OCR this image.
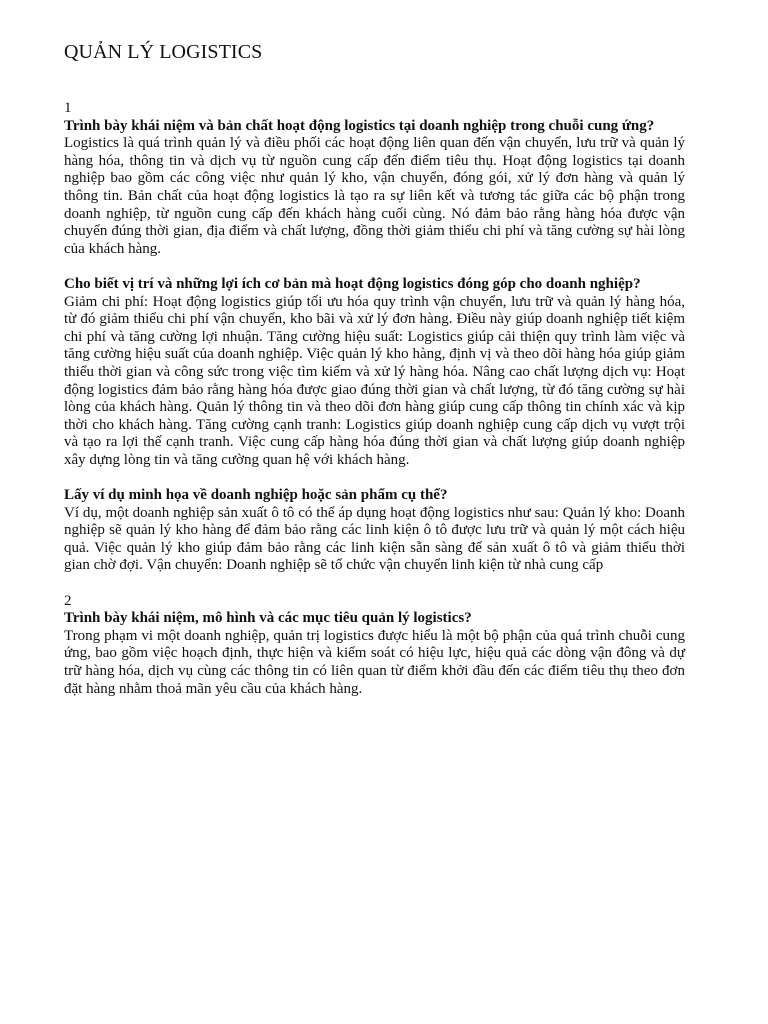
QUẢN LÝ LOGISTICS

1

Trình bày khái niệm và bản chất hoạt động logistics tại doanh nghiệp trong chuỗi cung ứng?

Logistics là quá trình quản lý và điều phối các hoạt động liên quan đến vận chuyển, lưu trữ và quản lý hàng hóa, thông tin và dịch vụ từ nguồn cung cấp đến điểm tiêu thụ. Hoạt động logistics tại doanh nghiệp bao gồm các công việc như quản lý kho, vận chuyển, đóng gói, xử lý đơn hàng và quản lý thông tin. Bản chất của hoạt động logistics là tạo ra sự liên kết và tương tác giữa các bộ phận trong doanh nghiệp, từ nguồn cung cấp đến khách hàng cuối cùng. Nó đảm bảo rằng hàng hóa được vận chuyển đúng thời gian, địa điểm và chất lượng, đồng thời giảm thiểu chi phí và tăng cường sự hài lòng của khách hàng.

Cho biết vị trí và những lợi ích cơ bản mà hoạt động logistics đóng góp cho doanh nghiệp?

Giảm chi phí: Hoạt động logistics giúp tối ưu hóa quy trình vận chuyển, lưu trữ và quản lý hàng hóa, từ đó giảm thiểu chi phí vận chuyển, kho bãi và xử lý đơn hàng. Điều này giúp doanh nghiệp tiết kiệm chi phí và tăng cường lợi nhuận. Tăng cường hiệu suất: Logistics giúp cải thiện quy trình làm việc và tăng cường hiệu suất của doanh nghiệp. Việc quản lý kho hàng, định vị và theo dõi hàng hóa giúp giảm thiểu thời gian và công sức trong việc tìm kiếm và xử lý hàng hóa. Nâng cao chất lượng dịch vụ: Hoạt động logistics đảm bảo rằng hàng hóa được giao đúng thời gian và chất lượng, từ đó tăng cường sự hài lòng của khách hàng. Quản lý thông tin và theo dõi đơn hàng giúp cung cấp thông tin chính xác và kịp thời cho khách hàng. Tăng cường cạnh tranh: Logistics giúp doanh nghiệp cung cấp dịch vụ vượt trội và tạo ra lợi thế cạnh tranh. Việc cung cấp hàng hóa đúng thời gian và chất lượng giúp doanh nghiệp xây dựng lòng tin và tăng cường quan hệ với khách hàng.

Lấy ví dụ minh họa về doanh nghiệp hoặc sản phẩm cụ thể?

Ví dụ, một doanh nghiệp sản xuất ô tô có thể áp dụng hoạt động logistics như sau: Quản lý kho: Doanh nghiệp sẽ quản lý kho hàng để đảm bảo rằng các linh kiện ô tô được lưu trữ và quản lý một cách hiệu quả. Việc quản lý kho giúp đảm bảo rằng các linh kiện sẵn sàng để sản xuất ô tô và giảm thiểu thời gian chờ đợi. Vận chuyển: Doanh nghiệp sẽ tổ chức vận chuyển linh kiện từ nhà cung cấp

2

Trình bày khái niệm, mô hình và các mục tiêu quản lý logistics?

Trong phạm vi một doanh nghiệp, quản trị logistics được hiểu là một bộ phận của quá trình chuỗi cung ứng, bao gồm việc hoạch định, thực hiện và kiểm soát có hiệu lực, hiệu quả các dòng vận đông và dự trữ hàng hóa, dịch vụ cùng các thông tin có liên quan từ điểm khởi đầu đến các điểm tiêu thụ theo đơn đặt hàng nhằm thoả mãn yêu cầu của khách hàng.
